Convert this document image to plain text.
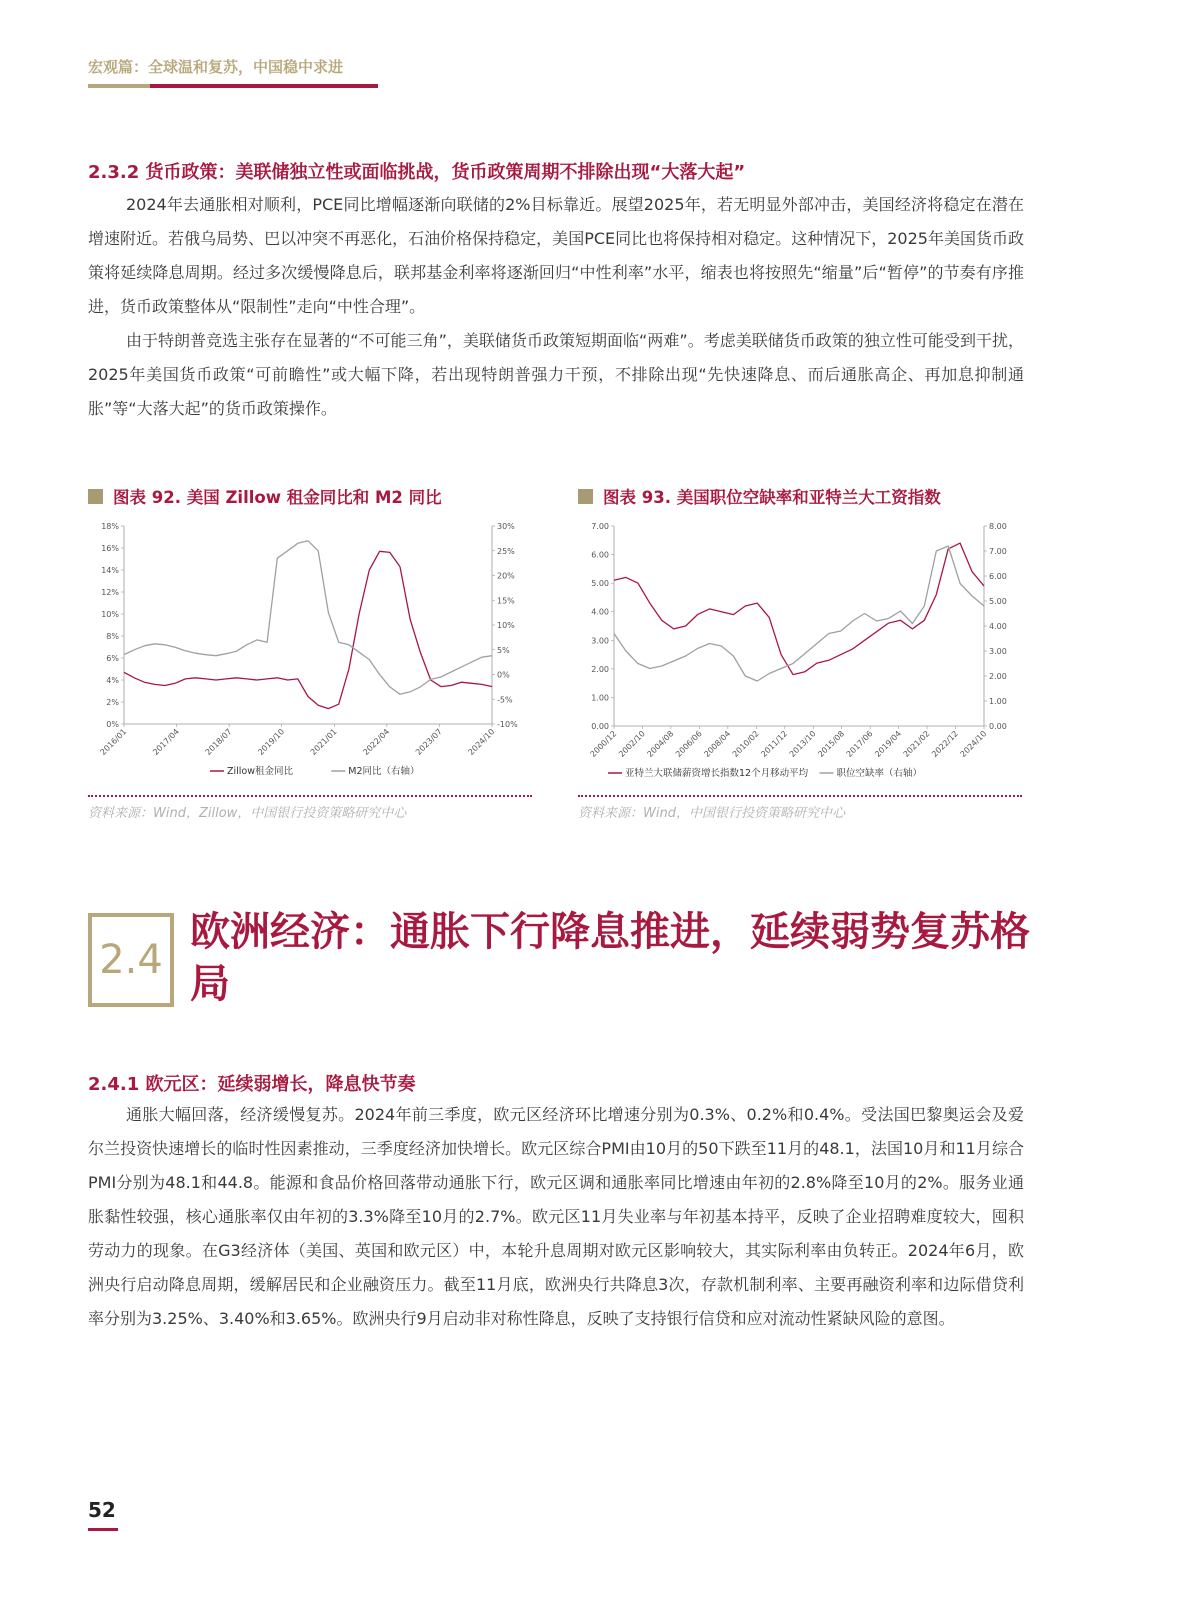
宏观篇：全球温和复苏，中国稳中求进
2.3.2 货币政策：美联储独立性或面临挑战，货币政策周期不排除出现“大落大起”

2024年去通胀相对顺利，PCE同比增幅逐渐向联储的2%目标靠近。展望2025年，若无明显外部冲击，美国经济将稳定在潜在增速附近。若俄乌局势、巴以冲突不再恶化，石油价格保持稳定，美国PCE同比也将保持相对稳定。这种情况下，2025年美国货币政策将延续降息周期。经过多次缓慢降息后，联邦基金利率将逐渐回归“中性利率”水平，缩表也将按照先“缩量”后“暂停”的节奏有序推进，货币政策整体从“限制性”走向“中性合理”。

由于特朗普竞选主张存在显著的“不可能三角”，美联储货币政策短期面临“两难”。考虑美联储货币政策的独立性可能受到干扰，2025年美国货币政策“可前瞻性”或大幅下降，若出现特朗普强力干预，不排除出现“先快速降息、而后通胀高企、再加息抑制通胀”等“大落大起”的货币政策操作。

图表 92. 美国 Zillow 租金同比和 M2 同比
0%
2%
4%
6%
8%
10%
12%
14%
16%
18%
-10%
-5%
0%
5%
10%
15%
20%
25%
30%
2016/01	2017/04	2018/07	2019/10	2021/01	2022/04	2023/07	2024/10
Zillow租金同比	M2同比（右轴）
资料来源：Wind，Zillow，中国银行投资策略研究中心
图表 93. 美国职位空缺率和亚特兰大工资指数
0.00
1.00
2.00
3.00
4.00
5.00
6.00
7.00
0.00
1.00
2.00
3.00
4.00
5.00
6.00
7.00
8.00
2000/12
2002/10
2004/08
2006/06
2008/04
2010/02
2011/12
2013/10
2015/08
2017/06
2019/04
2021/02
2022/12
2024/10
亚特兰大联储薪资增长指数12个月移动平均	职位空缺率（右轴）
资料来源：Wind，中国银行投资策略研究中心
2.4
欧洲经济：通胀下行降息推进，延续弱势复苏格局
2.4.1 欧元区：延续弱增长，降息快节奏

通胀大幅回落，经济缓慢复苏。2024年前三季度，欧元区经济环比增速分别为0.3%、0.2%和0.4%。受法国巴黎奥运会及爱尔兰投资快速增长的临时性因素推动，三季度经济加快增长。欧元区综合PMI由10月的50下跌至11月的48.1，法国10月和11月综合PMI分别为48.1和44.8。能源和食品价格回落带动通胀下行，欧元区调和通胀率同比增速由年初的2.8%降至10月的2%。服务业通胀黏性较强，核心通胀率仅由年初的3.3%降至10月的2.7%。欧元区11月失业率与年初基本持平，反映了企业招聘难度较大，囤积劳动力的现象。在G3经济体（美国、英国和欧元区）中，本轮升息周期对欧元区影响较大，其实际利率由负转正。2024年6月，欧洲央行启动降息周期，缓解居民和企业融资压力。截至11月底，欧洲央行共降息3次，存款机制利率、主要再融资利率和边际借贷利率分别为3.25%、3.40%和3.65%。欧洲央行9月启动非对称性降息，反映了支持银行信贷和应对流动性紧缺风险的意图。

52
